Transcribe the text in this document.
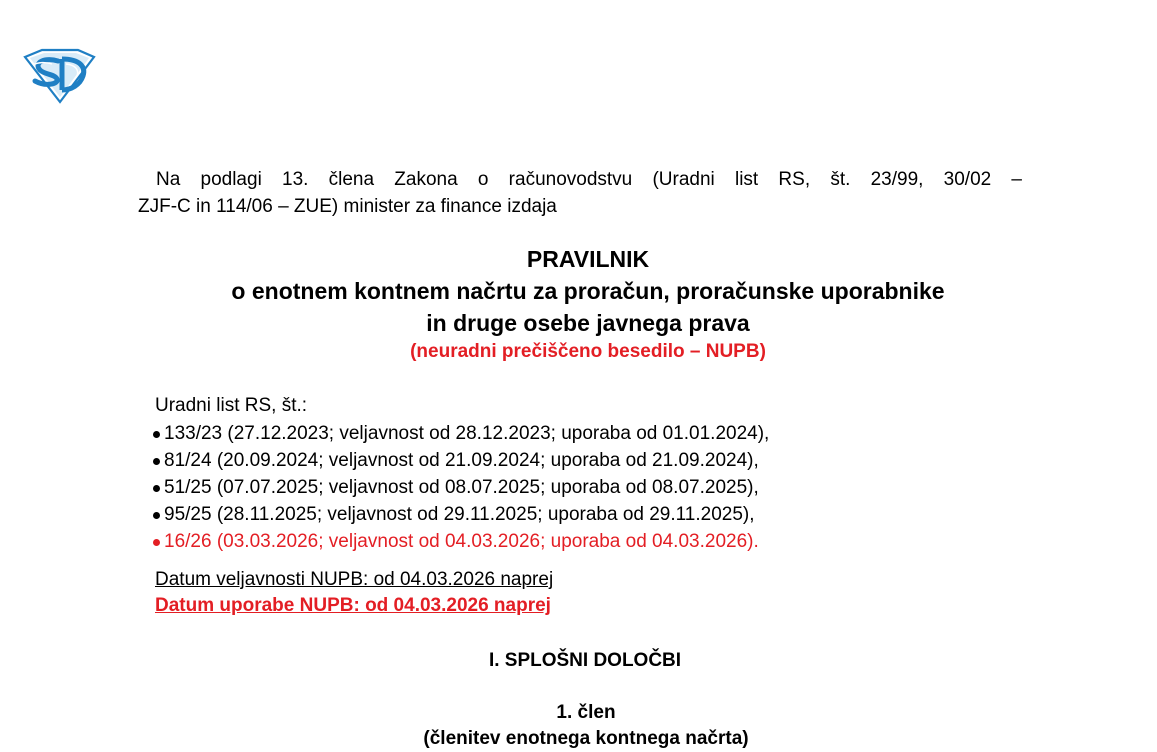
Na podlagi 13. člena Zakona o računovodstvu (Uradni list RS, št. 23/99, 30/02 –
ZJF-C in 114/06 – ZUE) minister za finance izdaja
PRAVILNIK
o enotnem kontnem načrtu za proračun, proračunske uporabnike
in druge osebe javnega prava
(neuradni prečiščeno besedilo – NUPB)
Uradni list RS, št.:
133/23 (27.12.2023; veljavnost od 28.12.2023; uporaba od 01.01.2024),
81/24 (20.09.2024; veljavnost od 21.09.2024; uporaba od 21.09.2024),
51/25 (07.07.2025; veljavnost od 08.07.2025; uporaba od 08.07.2025),
95/25 (28.11.2025; veljavnost od 29.11.2025; uporaba od 29.11.2025),
16/26 (03.03.2026; veljavnost od 04.03.2026; uporaba od 04.03.2026).
Datum veljavnosti NUPB: od 04.03.2026 naprej
Datum uporabe NUPB: od 04.03.2026 naprej
I. SPLOŠNI DOLOČBI
1. člen
(členitev enotnega kontnega načrta)
